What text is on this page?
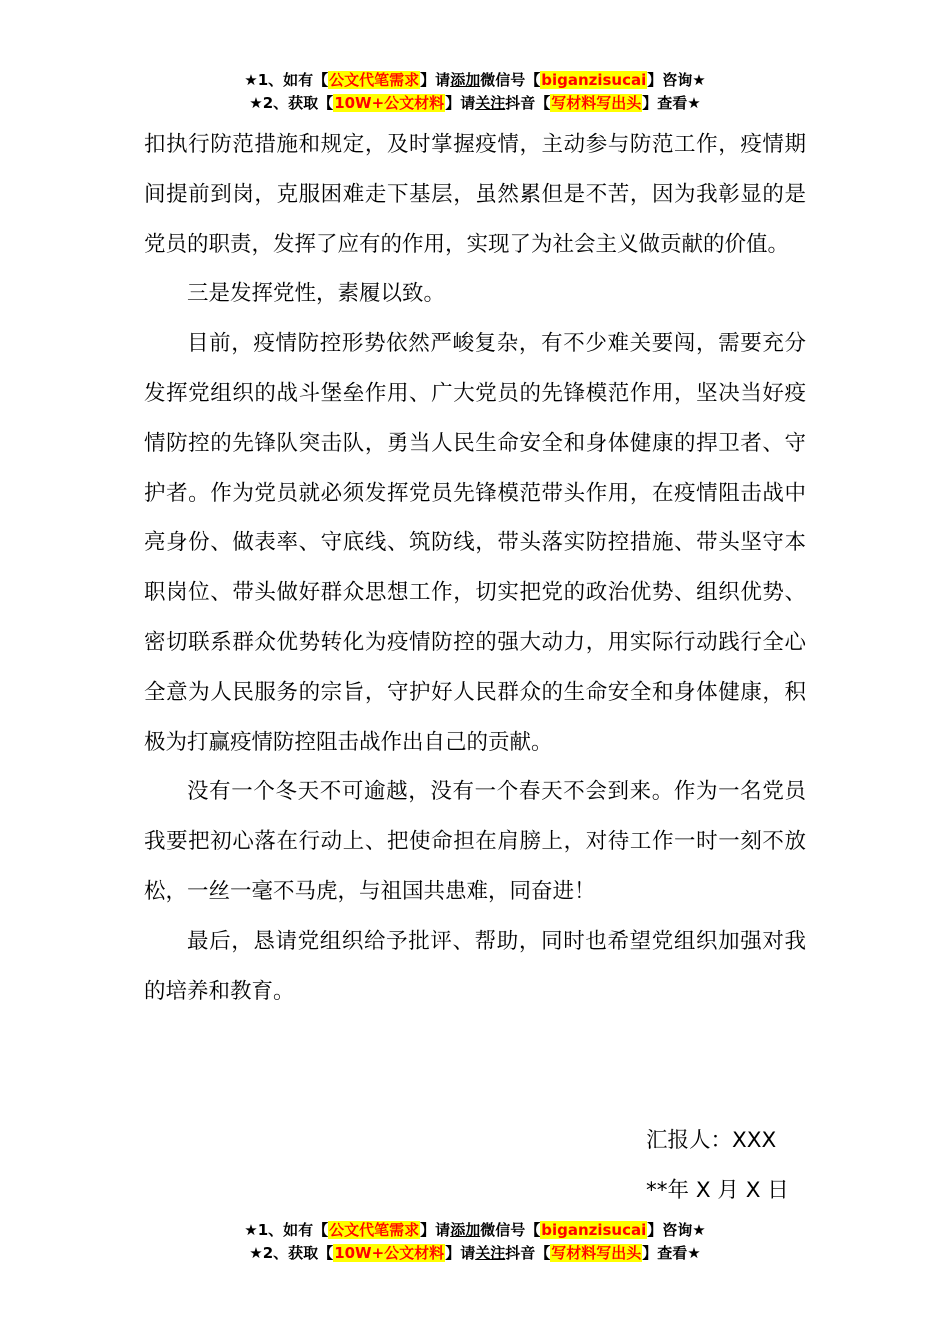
★1、如有【公文代笔需求】请添加微信号【biganzisucai】咨询★
★2、获取【10W+公文材料】请关注抖音【写材料写出头】查看★

扣执行防范措施和规定，及时掌握疫情，主动参与防范工作，疫情期间提前到岗，克服困难走下基层，虽然累但是不苦，因为我彰显的是党员的职责，发挥了应有的作用，实现了为社会主义做贡献的价值。

三是发挥党性，素履以致。

目前，疫情防控形势依然严峻复杂，有不少难关要闯，需要充分发挥党组织的战斗堡垒作用、广大党员的先锋模范作用，坚决当好疫情防控的先锋队突击队，勇当人民生命安全和身体健康的捍卫者、守护者。作为党员就必须发挥党员先锋模范带头作用，在疫情阻击战中亮身份、做表率、守底线、筑防线，带头落实防控措施、带头坚守本职岗位、带头做好群众思想工作，切实把党的政治优势、组织优势、密切联系群众优势转化为疫情防控的强大动力，用实际行动践行全心全意为人民服务的宗旨，守护好人民群众的生命安全和身体健康，积极为打赢疫情防控阻击战作出自己的贡献。

没有一个冬天不可逾越，没有一个春天不会到来。作为一名党员我要把初心落在行动上、把使命担在肩膀上，对待工作一时一刻不放松，一丝一毫不马虎，与祖国共患难，同奋进！

最后，恳请党组织给予批评、帮助，同时也希望党组织加强对我的培养和教育。

汇报人：XXX
**年 X 月 X 日
★1、如有【公文代笔需求】请添加微信号【biganzisucai】咨询★
★2、获取【10W+公文材料】请关注抖音【写材料写出头】查看★
